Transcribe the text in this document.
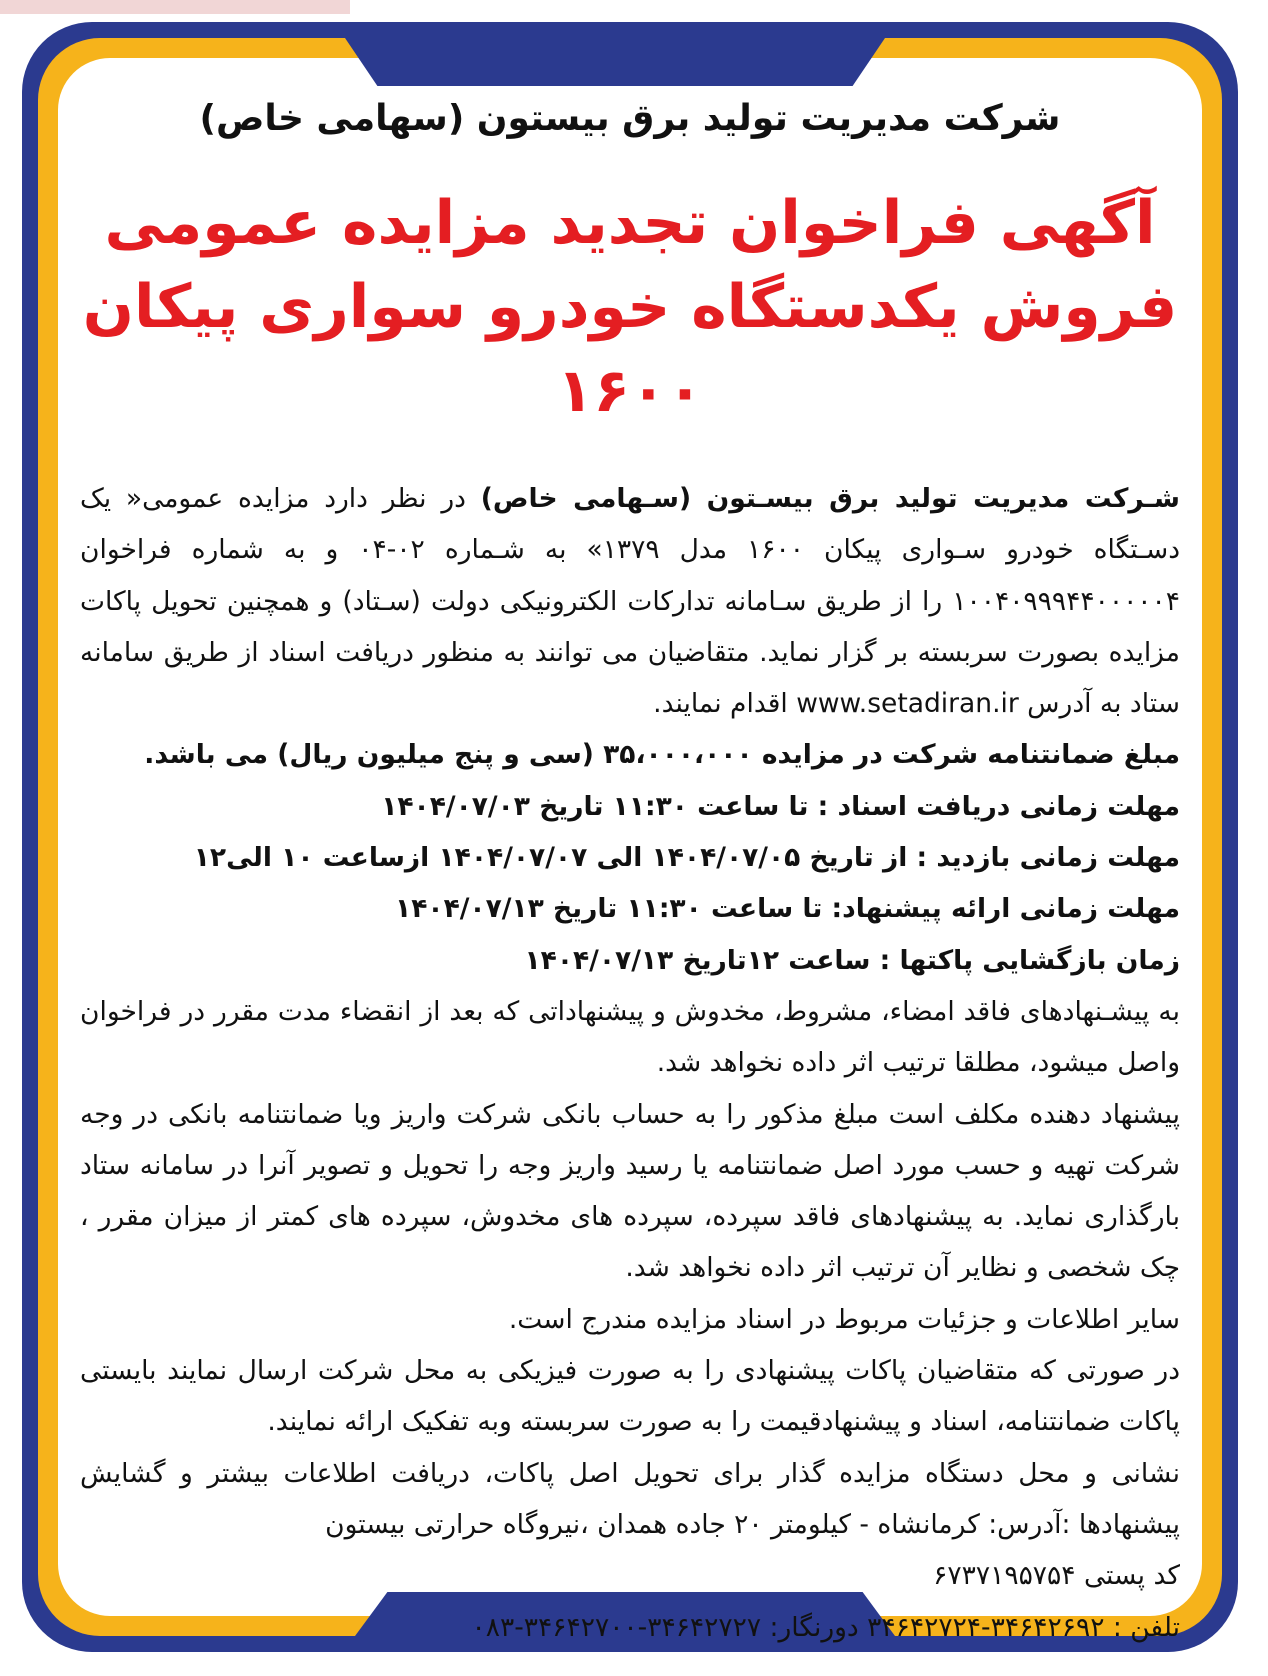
شرکت مدیریت تولید برق بیستون (سهامی خاص)
آگهی فراخوان تجدید مزایده عمومی
فروش یکدستگاه خودرو سواری پیکان ۱۶۰۰

شـرکت مدیریت تولید برق بیسـتون (سـهامی خاص) در نظر دارد مزایده عمومی« یک دسـتگاه خودرو سـواری پیکان ۱۶۰۰ مدل ۱۳۷۹» به شـماره ۰۲-۰۴ و به شماره فراخوان ۱۰۰۴۰۹۹۹۴۴۰۰۰۰۰۴ را از طریق سـامانه تدارکات الکترونیکی دولت (سـتاد) و همچنین تحویل پاکات مزایده بصورت سربسته بر گزار نماید. متقاضیان می توانند به منظور دریافت اسناد از طریق سامانه ستاد به آدرس www.setadiran.ir اقدام نمایند.

مبلغ ضمانتنامه شرکت در مزایده ۳۵،۰۰۰،۰۰۰ (سی و پنج میلیون ریال) می باشد.

مهلت زمانی دریافت اسناد : تا ساعت ۱۱:۳۰ تاریخ ۱۴۰۴/۰۷/۰۳

مهلت زمانی بازدید : از تاریخ ۱۴۰۴/۰۷/۰۵ الی ۱۴۰۴/۰۷/۰۷ ازساعت ۱۰ الی۱۲

مهلت زمانی ارائه پیشنهاد: تا ساعت ۱۱:۳۰ تاریخ ۱۴۰۴/۰۷/۱۳

زمان بازگشایی پاکتها : ساعت ۱۲تاریخ ۱۴۰۴/۰۷/۱۳

به پیشـنهادهای فاقد امضاء، مشروط، مخدوش و پیشنهاداتی که بعد از انقضاء مدت مقرر در فراخوان واصل میشود، مطلقا ترتیب اثر داده نخواهد شد.

پیشنهاد دهنده مکلف است مبلغ مذکور را به حساب بانکی شرکت واریز ویا ضمانتنامه بانکی در وجه شرکت تهیه و حسب مورد اصل ضمانتنامه یا رسید واریز وجه را تحویل و تصویر آنرا در سامانه ستاد بارگذاری نماید. به پیشنهادهای فاقد سپرده، سپرده های مخدوش، سپرده های کمتر از میزان مقرر ، چک شخصی و نظایر آن ترتیب اثر داده نخواهد شد.

سایر اطلاعات و جزئیات مربوط در اسناد مزایده مندرج است.

در صورتی که متقاضیان پاکات پیشنهادی را به صورت فیزیکی به محل شرکت ارسال نمایند بایستی پاکات ضمانتنامه، اسناد و پیشنهادقیمت را به صورت سربسته وبه تفکیک ارائه نمایند.

نشانی و محل دستگاه مزایده گذار برای تحویل اصل پاکات، دریافت اطلاعات بیشتر و گشایش پیشنهادها :آدرس: کرمانشاه - کیلومتر ۲۰ جاده همدان ،نیروگاه حرارتی بیستون

کد پستی ۶۷۳۷۱۹۵۷۵۴

تلفن : ۳۴۶۴۲۶۹۲-۳۴۶۴۲۷۲۴ دورنگار: ۳۴۶۴۲۷۲۷-۳۴۶۴۲۷۰۰-۰۸۳
